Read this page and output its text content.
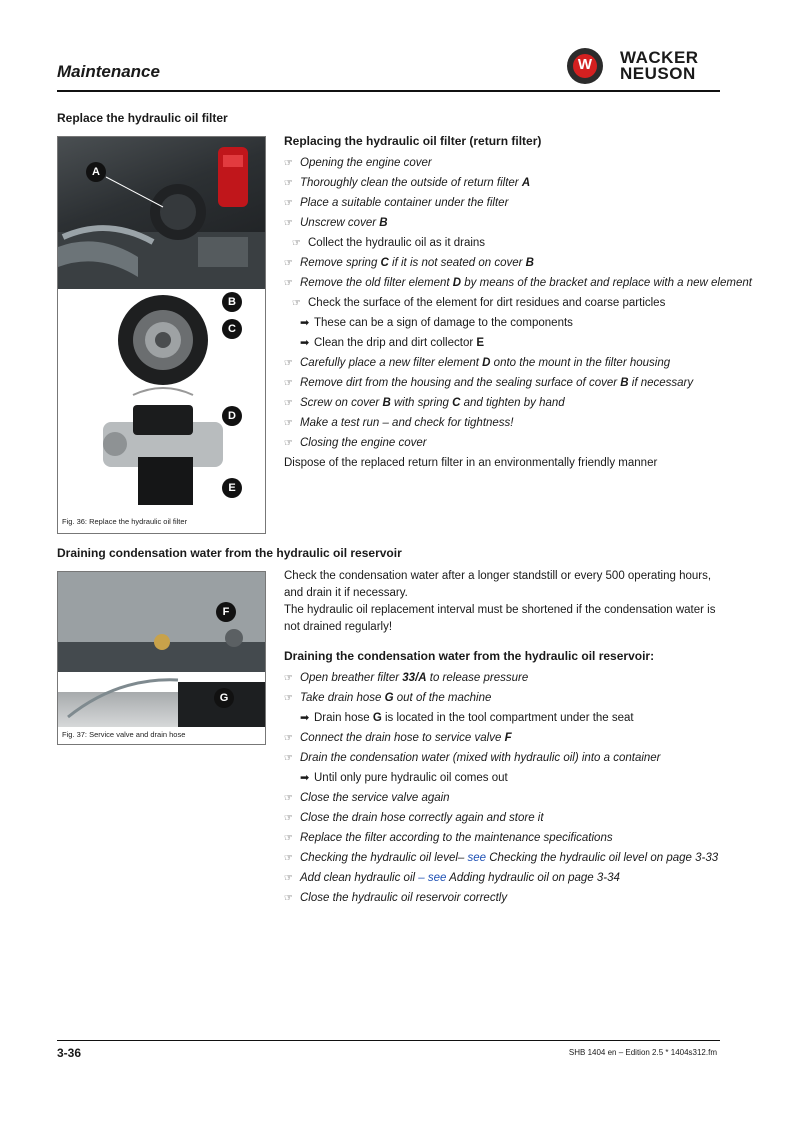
Maintenance	W	WACKER
NEUSON
Replace the hydraulic oil filter
A
B
C
D
E
Fig. 36: Replace the hydraulic oil filter
Replacing the hydraulic oil filter (return filter)
☞ Opening the engine cover
☞ Thoroughly clean the outside of return filter A
☞ Place a suitable container under the filter
☞ Unscrew cover B
☞ Collect the hydraulic oil as it drains
☞ Remove spring C if it is not seated on cover B
☞ Remove the old filter element D by means of the bracket and replace with a new element
☞ Check the surface of the element for dirt residues and coarse particles
➡ These can be a sign of damage to the components
➡ Clean the drip and dirt collector E
☞ Carefully place a new filter element D onto the mount in the filter housing
☞ Remove dirt from the housing and the sealing surface of cover B if necessary
☞ Screw on cover B with spring C and tighten by hand
☞ Make a test run – and check for tightness!
☞ Closing the engine cover
Dispose of the replaced return filter in an environmentally friendly manner
Draining condensation water from the hydraulic oil reservoir
F
G
Fig. 37: Service valve and drain hose
Check the condensation water after a longer standstill or every 500 operating hours, and drain it if necessary.
The hydraulic oil replacement interval must be shortened if the condensation water is not drained regularly!
Draining the condensation water from the hydraulic oil reservoir:
☞ Open breather filter 33/A to release pressure
☞ Take drain hose G out of the machine
➡ Drain hose G is located in the tool compartment under the seat
☞ Connect the drain hose to service valve F
☞ Drain the condensation water (mixed with hydraulic oil) into a container
➡ Until only pure hydraulic oil comes out
☞ Close the service valve again
☞ Close the drain hose correctly again and store it
☞ Replace the filter according to the maintenance specifications
☞ Checking the hydraulic oil level– see Checking the hydraulic oil level on page 3-33
☞ Add clean hydraulic oil – see Adding hydraulic oil on page 3-34
☞ Close the hydraulic oil reservoir correctly
3-36	SHB 1404 en – Edition 2.5 * 1404s312.fm
